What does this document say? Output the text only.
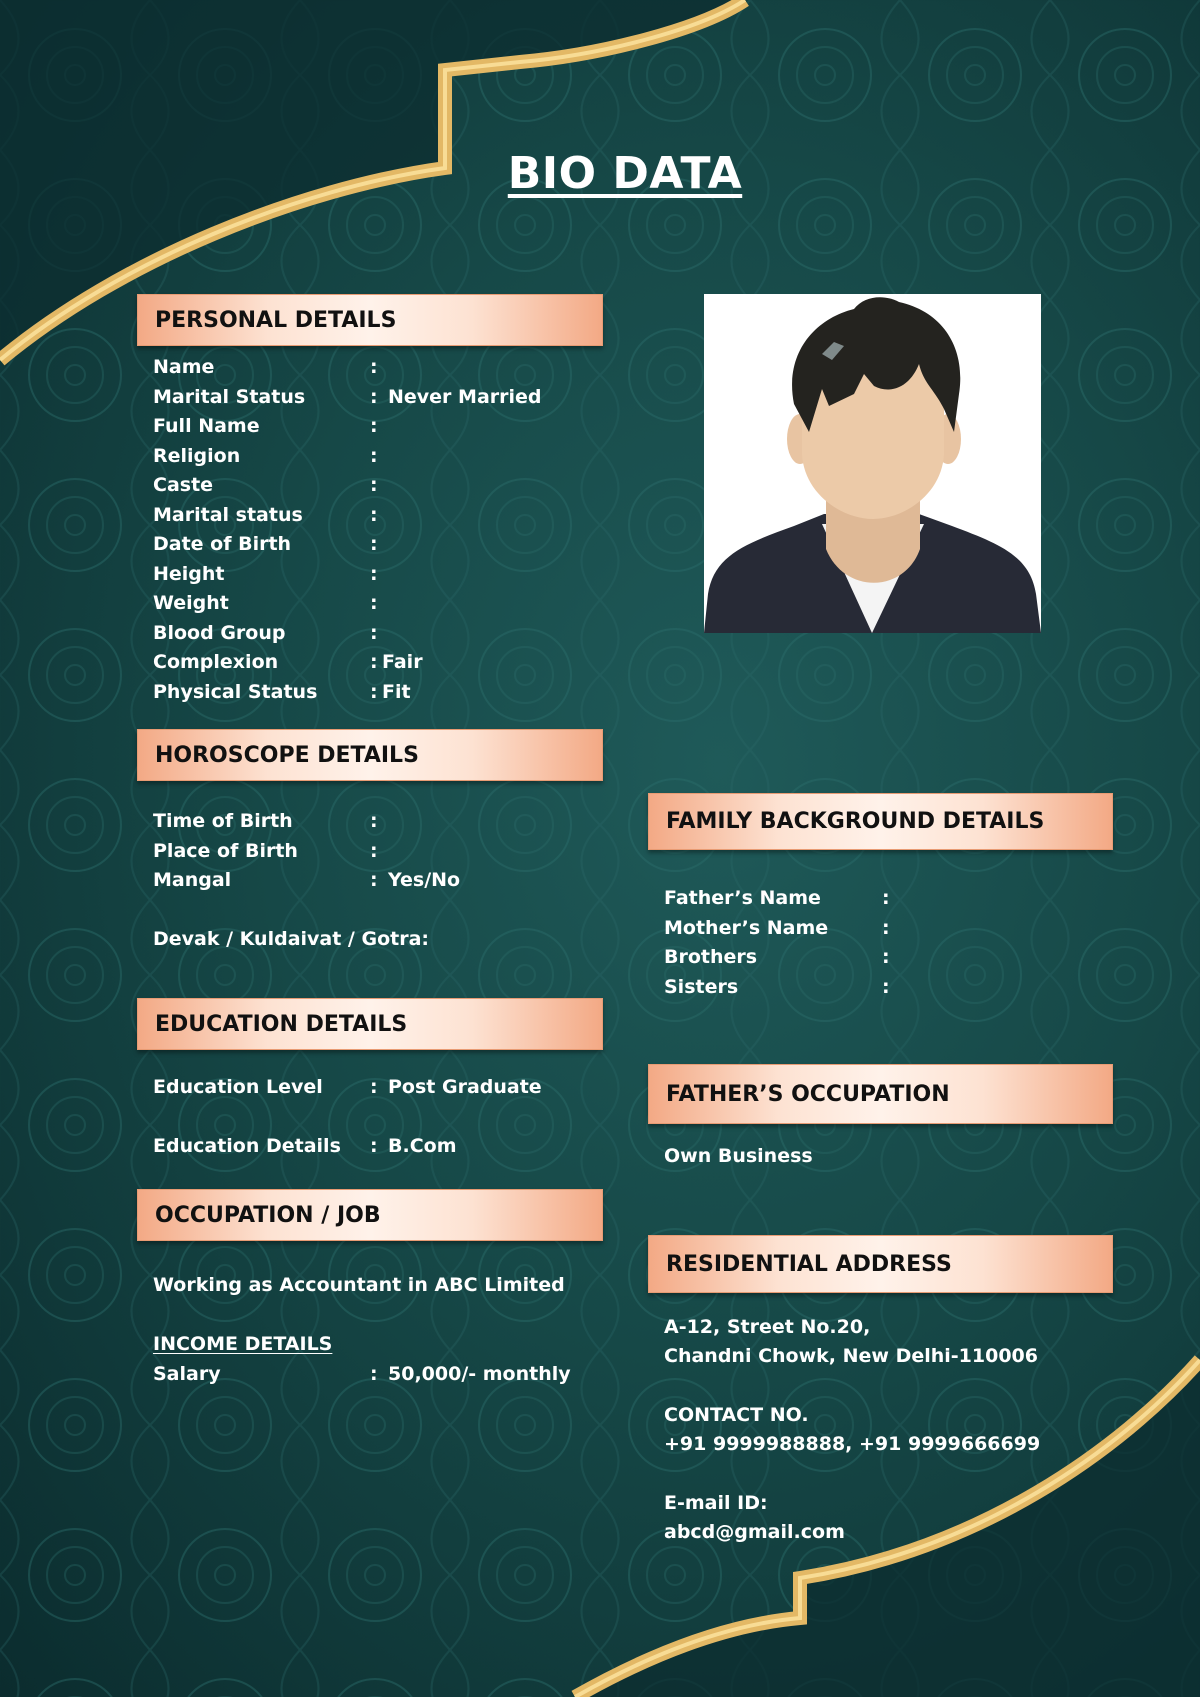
BIO DATA
PERSONAL DETAILS
Name	:
Marital Status	: Never Married
Full Name	:
Religion	:
Caste	:
Marital status	:
Date of Birth	:
Height	:
Weight	:
Blood Group	:
Complexion	: Fair
Physical Status	: Fit
HOROSCOPE DETAILS
Time of Birth	:
Place of Birth	:
Mangal	: Yes/No
Devak / Kuldaivat / Gotra:
EDUCATION DETAILS
Education Level : Post Graduate
Education Details : B.Com
OCCUPATION / JOB
Working as Accountant in ABC Limited
INCOME DETAILS
Salary	: 50,000/- monthly
FAMILY BACKGROUND DETAILS
Father’s Name	:
Mother’s Name	:
Brothers	:
Sisters	:
FATHER’S OCCUPATION
Own Business
RESIDENTIAL ADDRESS
A-12, Street No.20,
Chandni Chowk, New Delhi-110006
CONTACT NO.
+91 9999988888, +91 9999666699
E-mail ID:
abcd@gmail.com
